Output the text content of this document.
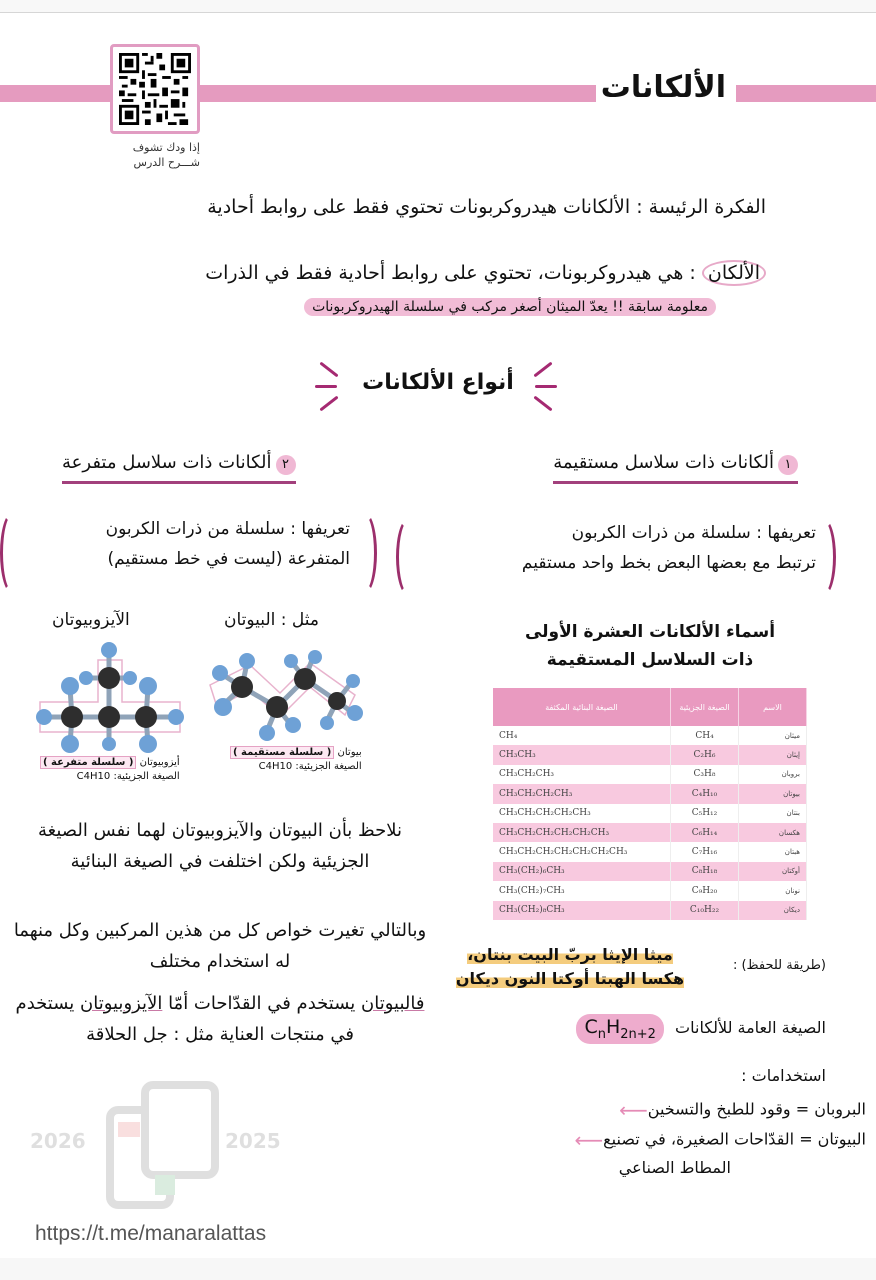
الألكانات
إذا ودك تشوف
شـــرح الدرس
الفكرة الرئيسة : الألكانات هيدروكربونات تحتوي فقط على روابط أحادية
الألكان : هي هيدروكربونات، تحتوي على روابط أحادية فقط في الذرات
معلومة سابقة !! يعدّ الميثان أصغر مركب في سلسلة الهيدروكربونات
أنواع الألكانات
١ألكانات ذات سلاسل مستقيمة
تعريفها : سلسلة من ذرات الكربون
ترتبط مع بعضها البعض بخط واحد مستقيم
٢ألكانات ذات سلاسل متفرعة
تعريفها : سلسلة من ذرات الكربون
المتفرعة (ليست في خط مستقيم)
مثل : البيوتان
الآيزوبيوتان
بيوتان ( سلسلة مستقيمة )
الصيغة الجزيئية: C4H10
أيزوبيوتان ( سلسلة متفرعة )
الصيغة الجزيئية: C4H10
نلاحظ بأن البيوتان والآيزوبيوتان لهما نفس الصيغة الجزيئية ولكن اختلفت في الصيغة البنائية
وبالتالي تغيرت خواص كل من هذين المركبين وكل منهما له استخدام مختلف
فالبيوتان يستخدم في القدّاحات أمّا الآيزوبيوتان يستخدم في منتجات العناية مثل : جل الحلاقة
أسماء الألكانات العشرة الأولى
ذات السلاسل المستقيمة
الاسم	الصيغة الجزيئية	الصيغة البنائية المكثفة
ميثان	CH₄	CH₄
إيثان	C₂H₆	CH₃CH₃
بروبان	C₃H₈	CH₃CH₂CH₃
بيوتان	C₄H₁₀	CH₃CH₂CH₂CH₃
بنتان	C₅H₁₂	CH₃CH₂CH₂CH₂CH₃
هكسان	C₆H₁₄	CH₃CH₂CH₂CH₂CH₂CH₃
هبتان	C₇H₁₆	CH₃CH₂CH₂CH₂CH₂CH₂CH₃
أوكتان	C₈H₁₈	CH₃(CH₂)₆CH₃
نونان	C₉H₂₀	CH₃(CH₂)₇CH₃
ديكان	C₁₀H₂₂	CH₃(CH₂)₈CH₃
(طريقة للحفظ) :
ميثا الإيثا بربّ البيت بنتان،
هكسا الهبتا أوكتا النون ديكان
الصيغة العامة للألكانات $C_nH_{2n+2}$
استخدامات :
البروبان = وقود للطبخ والتسخين⟵
البيوتان = القدّاحات الصغيرة، في تصنيع⟵
المطاط الصناعي
2026	2025
https://t.me/manaralattas
